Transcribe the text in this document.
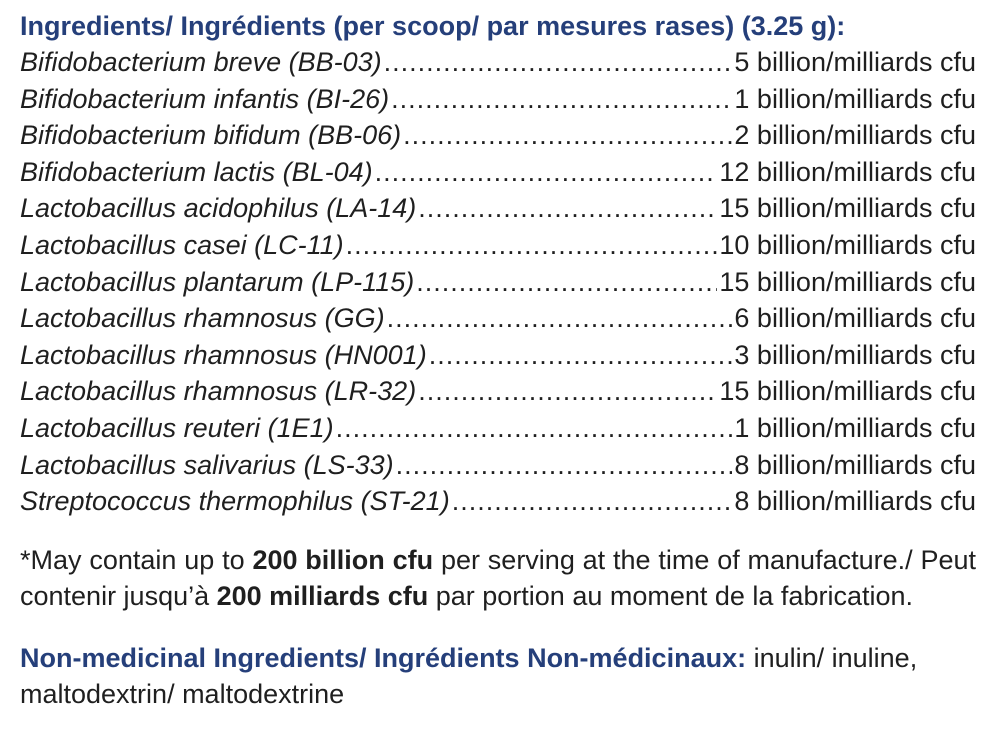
Ingredients/ Ingrédients (per scoop/ par mesures rases) (3.25 g):
Bifidobacterium breve (BB-03) .....	5 billion/milliards cfu
Bifidobacterium infantis (BI-26) .....	1 billion/milliards cfu
Bifidobacterium bifidum (BB-06) .....	2 billion/milliards cfu
Bifidobacterium lactis (BL-04) .....	12 billion/milliards cfu
Lactobacillus acidophilus (LA-14) .....	15 billion/milliards cfu
Lactobacillus casei (LC-11) .....	10 billion/milliards cfu
Lactobacillus plantarum (LP-115) .....	15 billion/milliards cfu
Lactobacillus rhamnosus (GG) .....	6 billion/milliards cfu
Lactobacillus rhamnosus (HN001) .....	3 billion/milliards cfu
Lactobacillus rhamnosus (LR-32) .....	15 billion/milliards cfu
Lactobacillus reuteri (1E1) .....	1 billion/milliards cfu
Lactobacillus salivarius (LS-33) .....	8 billion/milliards cfu
Streptococcus thermophilus (ST-21) .....	8 billion/milliards cfu
*May contain up to 200 billion cfu per serving at the time of manufacture./ Peut contenir jusqu’à 200 milliards cfu par portion au moment de la fabrication.
Non-medicinal Ingredients/ Ingrédients Non-médicinaux: inulin/ inuline, maltodextrin/ maltodextrine
